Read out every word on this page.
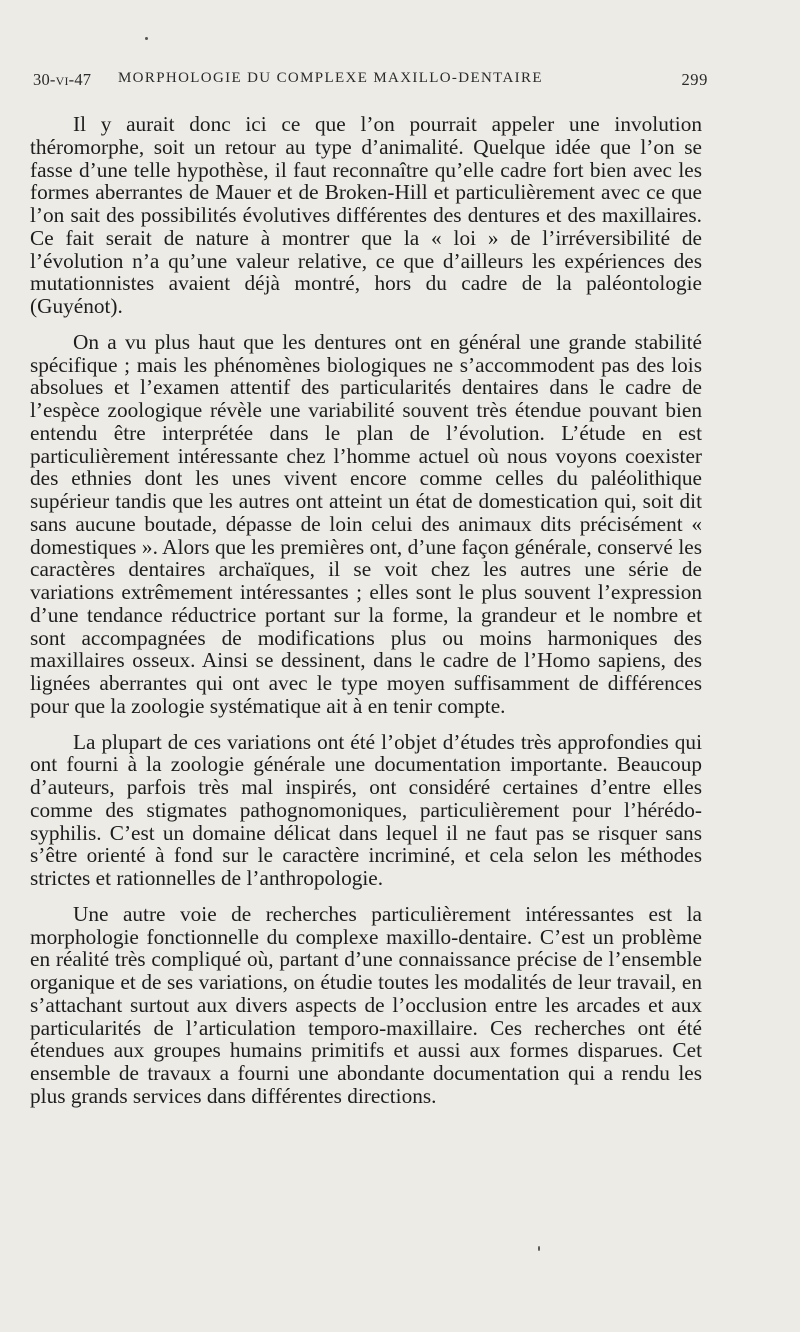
30-vi-47 MORPHOLOGIE DU COMPLEXE MAXILLO-DENTAIRE	299

Il y aurait donc ici ce que l’on pourrait appeler une involution théromorphe, soit un retour au type d’animalité. Quelque idée que l’on se fasse d’une telle hypothèse, il faut reconnaître qu’elle cadre fort bien avec les formes aberrantes de Mauer et de Broken-Hill et particulièrement avec ce que l’on sait des possibilités évolutives différentes des dentures et des maxillaires. Ce fait serait de nature à montrer que la « loi » de l’irréversibilité de l’évolution n’a qu’une valeur relative, ce que d’ailleurs les expériences des mutationnistes avaient déjà montré, hors du cadre de la paléontologie (Guyénot).

On a vu plus haut que les dentures ont en général une grande stabilité spécifique ; mais les phénomènes biologiques ne s’accommodent pas des lois absolues et l’examen attentif des particularités dentaires dans le cadre de l’espèce zoologique révèle une variabilité souvent très étendue pouvant bien entendu être interprétée dans le plan de l’évolution. L’étude en est particulièrement intéressante chez l’homme actuel où nous voyons coexister des ethnies dont les unes vivent encore comme celles du paléolithique supérieur tandis que les autres ont atteint un état de domestication qui, soit dit sans aucune boutade, dépasse de loin celui des animaux dits précisément « domestiques ». Alors que les premières ont, d’une façon générale, conservé les caractères dentaires archaïques, il se voit chez les autres une série de variations extrêmement intéressantes ; elles sont le plus souvent l’expression d’une tendance réductrice portant sur la forme, la grandeur et le nombre et sont accompagnées de modifications plus ou moins harmoniques des maxillaires osseux. Ainsi se dessinent, dans le cadre de l’Homo sapiens, des lignées aberrantes qui ont avec le type moyen suffisamment de différences pour que la zoologie systématique ait à en tenir compte.

La plupart de ces variations ont été l’objet d’études très approfondies qui ont fourni à la zoologie générale une documentation importante. Beaucoup d’auteurs, parfois très mal inspirés, ont considéré certaines d’entre elles comme des stigmates pathognomoniques, particulièrement pour l’hérédo-syphilis. C’est un domaine délicat dans lequel il ne faut pas se risquer sans s’être orienté à fond sur le caractère incriminé, et cela selon les méthodes strictes et rationnelles de l’anthropologie.

Une autre voie de recherches particulièrement intéressantes est la morphologie fonctionnelle du complexe maxillo-dentaire. C’est un problème en réalité très compliqué où, partant d’une connaissance précise de l’ensemble organique et de ses variations, on étudie toutes les modalités de leur travail, en s’attachant surtout aux divers aspects de l’occlusion entre les arcades et aux particularités de l’articulation temporo-maxillaire. Ces recherches ont été étendues aux groupes humains primitifs et aussi aux formes disparues. Cet ensemble de travaux a fourni une abondante documentation qui a rendu les plus grands services dans différentes directions.
